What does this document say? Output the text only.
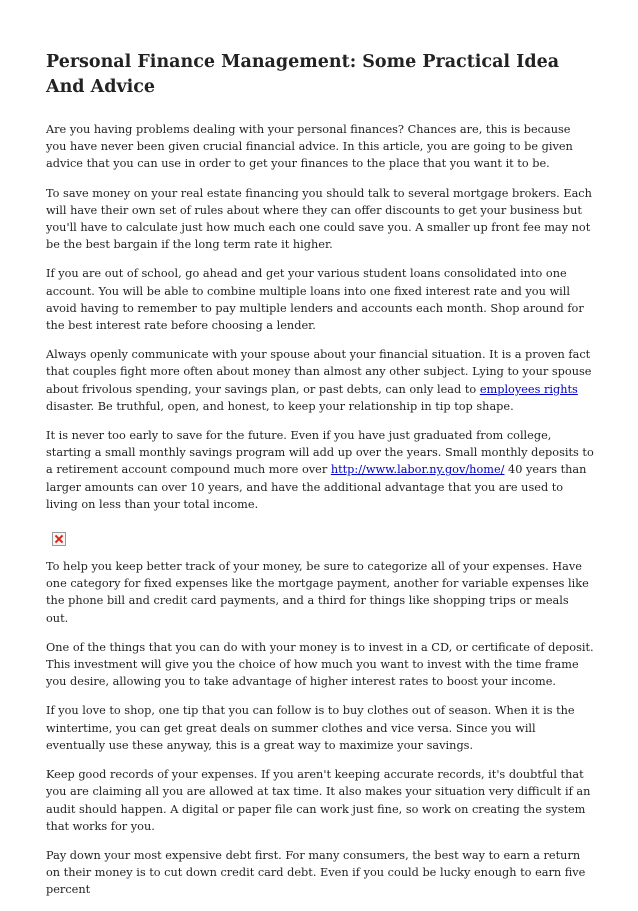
Personal Finance Management: Some Practical Idea And Advice

Are you having problems dealing with your personal finances? Chances are, this is because you have never been given crucial financial advice. In this article, you are going to be given advice that you can use in order to get your finances to the place that you want it to be.

To save money on your real estate financing you should talk to several mortgage brokers. Each will have their own set of rules about where they can offer discounts to get your business but you'll have to calculate just how much each one could save you. A smaller up front fee may not be the best bargain if the long term rate it higher.

If you are out of school, go ahead and get your various student loans consolidated into one account. You will be able to combine multiple loans into one fixed interest rate and you will avoid having to remember to pay multiple lenders and accounts each month. Shop around for the best interest rate before choosing a lender.

Always openly communicate with your spouse about your financial situation. It is a proven fact that couples fight more often about money than almost any other subject. Lying to your spouse about frivolous spending, your savings plan, or past debts, can only lead to employees rights disaster. Be truthful, open, and honest, to keep your relationship in tip top shape.

It is never too early to save for the future. Even if you have just graduated from college, starting a small monthly savings program will add up over the years. Small monthly deposits to a retirement account compound much more over http://www.labor.ny.gov/home/ 40 years than larger amounts can over 10 years, and have the additional advantage that you are used to living on less than your total income.

To help you keep better track of your money, be sure to categorize all of your expenses. Have one category for fixed expenses like the mortgage payment, another for variable expenses like the phone bill and credit card payments, and a third for things like shopping trips or meals out.

One of the things that you can do with your money is to invest in a CD, or certificate of deposit. This investment will give you the choice of how much you want to invest with the time frame you desire, allowing you to take advantage of higher interest rates to boost your income.

If you love to shop, one tip that you can follow is to buy clothes out of season. When it is the wintertime, you can get great deals on summer clothes and vice versa. Since you will eventually use these anyway, this is a great way to maximize your savings.

Keep good records of your expenses. If you aren't keeping accurate records, it's doubtful that you are claiming all you are allowed at tax time. It also makes your situation very difficult if an audit should happen. A digital or paper file can work just fine, so work on creating the system that works for you.

Pay down your most expensive debt first. For many consumers, the best way to earn a return on their money is to cut down credit card debt. Even if you could be lucky enough to earn five percent
